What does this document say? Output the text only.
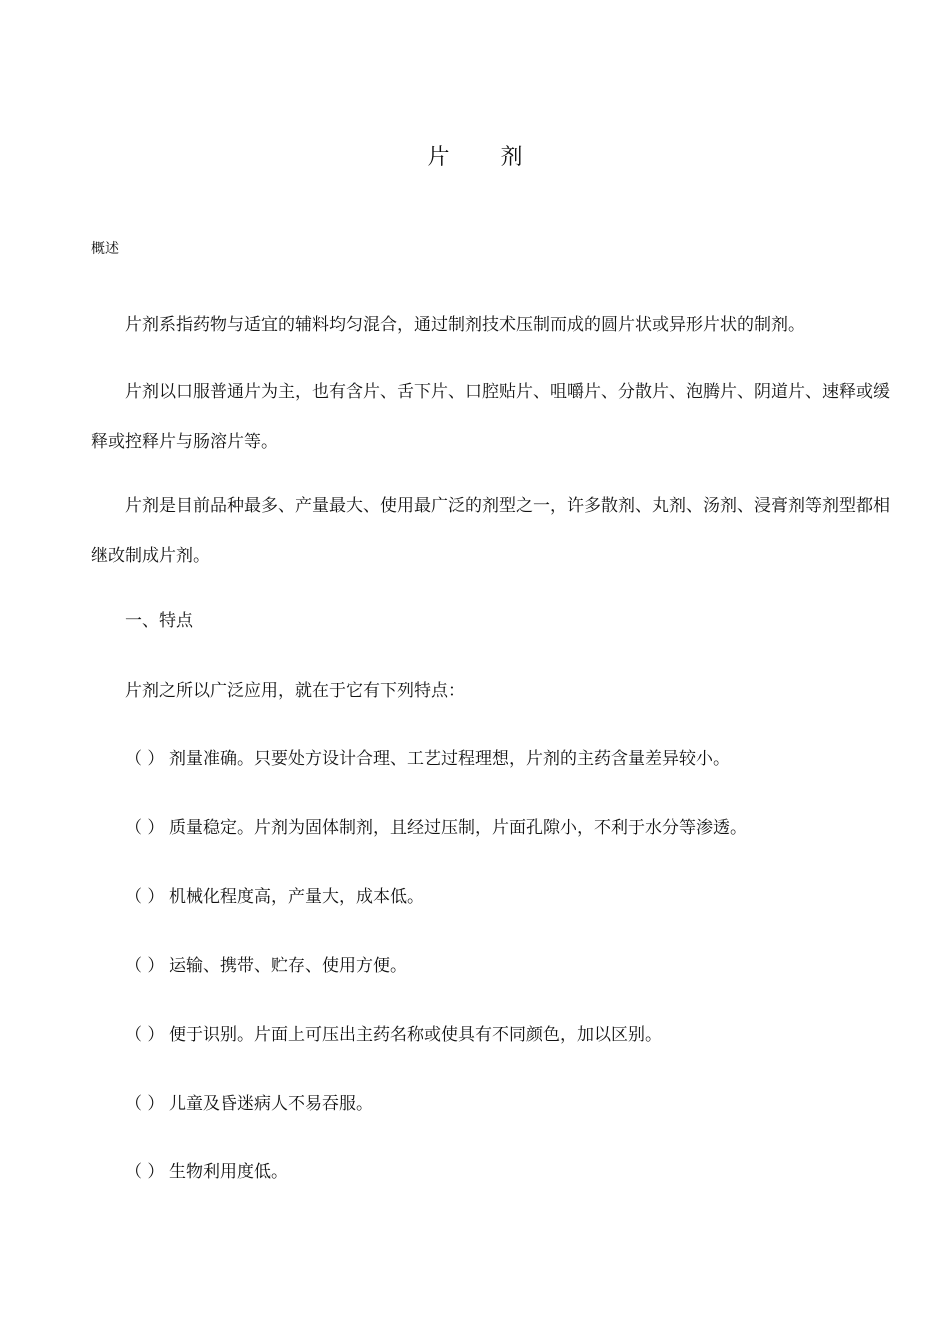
片 剂
概述
片剂系指药物与适宜的辅料均匀混合，通过制剂技术压制而成的圆片状或异形片状的制剂。
片剂以口服普通片为主，也有含片、舌下片、口腔贴片、咀嚼片、分散片、泡腾片、阴道片、速释或缓释或控释片与肠溶片等。
片剂是目前品种最多、产量最大、使用最广泛的剂型之一，许多散剂、丸剂、汤剂、浸膏剂等剂型都相继改制成片剂。
一、特点
片剂之所以广泛应用，就在于它有下列特点：
（ ） 剂量准确。只要处方设计合理、工艺过程理想，片剂的主药含量差异较小。
（ ） 质量稳定。片剂为固体制剂，且经过压制，片面孔隙小，不利于水分等渗透。
（ ） 机械化程度高，产量大，成本低。
（ ） 运输、携带、贮存、使用方便。
（ ） 便于识别。片面上可压出主药名称或使具有不同颜色，加以区别。
（ ） 儿童及昏迷病人不易吞服。
（ ） 生物利用度低。
